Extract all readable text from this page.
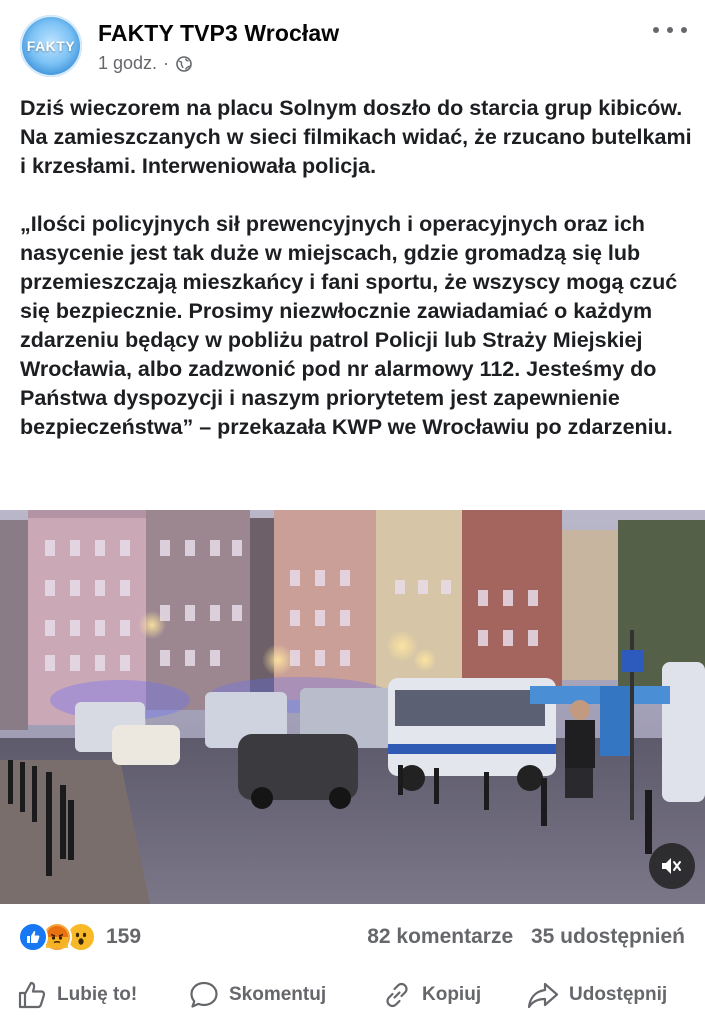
FAKTY FAKTY TVP3 Wrocław
1 godz. ·

Dziś wieczorem na placu Solnym doszło do starcia grup kibiców. Na zamieszczanych w sieci filmikach widać, że rzucano butelkami i krzesłami. Interweniowała policja.

„Ilości policyjnych sił prewencyjnych i operacyjnych oraz ich nasycenie jest tak duże w miejscach, gdzie gromadzą się lub przemieszczają mieszkańcy i fani sportu, że wszyscy mogą czuć się bezpiecznie. Prosimy niezwłocznie zawiadamiać o każdym zdarzeniu będący w pobliżu patrol Policji lub Straży Miejskiej Wrocławia, albo zadzwonić pod nr alarmowy 112. Jesteśmy do Państwa dyspozycji i naszym priorytetem jest zapewnienie bezpieczeństwa” – przekazała KWP we Wrocławiu po zdarzeniu.

159	82 komentarze 35 udostępnień
Lubię to!	Skomentuj	Kopiuj	Udostępnij
